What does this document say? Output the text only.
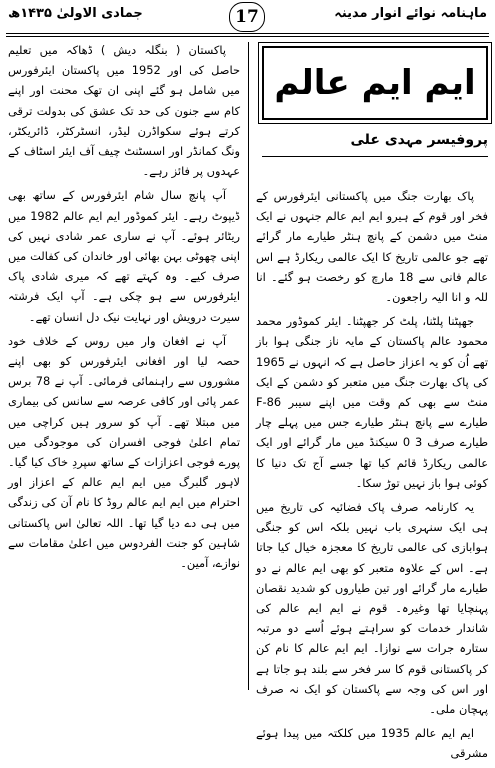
جمادی الاولیٰ ۱۴۳۵ھ	17	ماہنامہ نوائے انوار مدینہ
ایم ایم عالم
پروفیسر مہدی علی

پاک بھارت جنگ میں پاکستانی ایئرفورس کے فخر اور قوم کے ہیرو ایم ایم عالم جنہوں نے ایک منٹ میں دشمن کے پانچ ہنٹر طیارے مار گرائے تھے جو عالمی تاریخ کا ایک عالمی ریکارڈ ہے اس عالم فانی سے 18 مارچ کو رخصت ہو گئے۔ انا للہ و انا الیہ راجعون۔

جھپٹنا پلٹنا، پلٹ کر جھپٹنا۔ ایئر کموڈور محمد محمود عالم پاکستان کے مایہ ناز جنگی ہوا باز تھے اُن کو یہ اعزاز حاصل ہے کہ انہوں نے 1965 کی پاک بھارت جنگ میں متعبر کو دشمن کے ایک منٹ سے بھی کم وقت میں اپنے سیبر F-86 طیارے سے پانچ ہنٹر طیارے جس میں پہلے چار طیارے صرف 3 0 سیکنڈ میں مار گرائے اور ایک عالمی ریکارڈ قائم کیا تھا جسے آج تک دنیا کا کوئی ہوا باز نہیں توڑ سکا۔

یہ کارنامہ صرف پاک فضائیہ کی تاریخ میں ہی ایک سنہری باب نہیں بلکہ اس کو جنگی ہوابازی کی عالمی تاریخ کا معجزہ خیال کیا جاتا ہے۔ اس کے علاوہ متعبر کو بھی ایم عالم نے دو طیارے مار گرائے اور تین طیاروں کو شدید نقصان پہنچایا تھا وغیرہ۔ قوم نے ایم ایم عالم کی شاندار خدمات کو سراہتے ہوئے اُسے دو مرتبہ ستارہ جرات سے نوازا۔ ایم ایم عالم کا نام کن کر پاکستانی قوم کا سر فخر سے بلند ہو جاتا ہے اور اس کی وجہ سے پاکستان کو ایک نہ صرف پہچان ملی۔

ایم ایم عالم 1935 میں کلکتہ میں پیدا ہوئے مشرقی

پاکستان ( بنگلہ دیش ) ڈھاکہ میں تعلیم حاصل کی اور 1952 میں پاکستان ایئرفورس میں شامل ہو گئے اپنی ان تھک محنت اور اپنے کام سے جنون کی حد تک عشق کی بدولت ترقی کرتے ہوئے سکواڈرن لیڈر، انسٹرکٹر، ڈائریکٹر، ونگ کمانڈر اور اسسٹنٹ چیف آف ایئر اسٹاف کے عہدوں پر فائز رہے۔

آپ پانچ سال شام ایئرفورس کے ساتھ بھی ڈیپوٹ رہے۔ ایئر کموڈور ایم ایم عالم 1982 میں ریٹائر ہوئے۔ آپ نے ساری عمر شادی نہیں کی اپنی چھوٹی بہن بھائی اور خاندان کی کفالت میں صرف کیے۔ وہ کہتے تھے کہ میری شادی پاک ایئرفورس سے ہو چکی ہے۔ آپ ایک فرشتہ سیرت درویش اور نہایت نیک دل انسان تھے۔

آپ نے افغان وار میں روس کے خلاف خود حصہ لیا اور افغانی ایئرفورس کو بھی اپنے مشوروں سے راہنمائی فرمائی۔ آپ نے 78 برس عمر پائی اور کافی عرصہ سے سانس کی بیماری میں مبتلا تھے۔ آپ کو سرور ہیں کراچی میں تمام اعلیٰ فوجی افسران کی موجودگی میں پورے فوجی اعزازات کے ساتھ سپردِ خاک کیا گیا۔ لاہور گلبرگ میں ایم ایم عالم کے اعزاز اور احترام میں ایم ایم عالم روڈ کا نام آن کی زندگی میں ہی دے دیا گیا تھا۔ اللہ تعالیٰ اس پاکستانی شاہین کو جنت الفردوس میں اعلیٰ مقامات سے نوازے، آمین۔
